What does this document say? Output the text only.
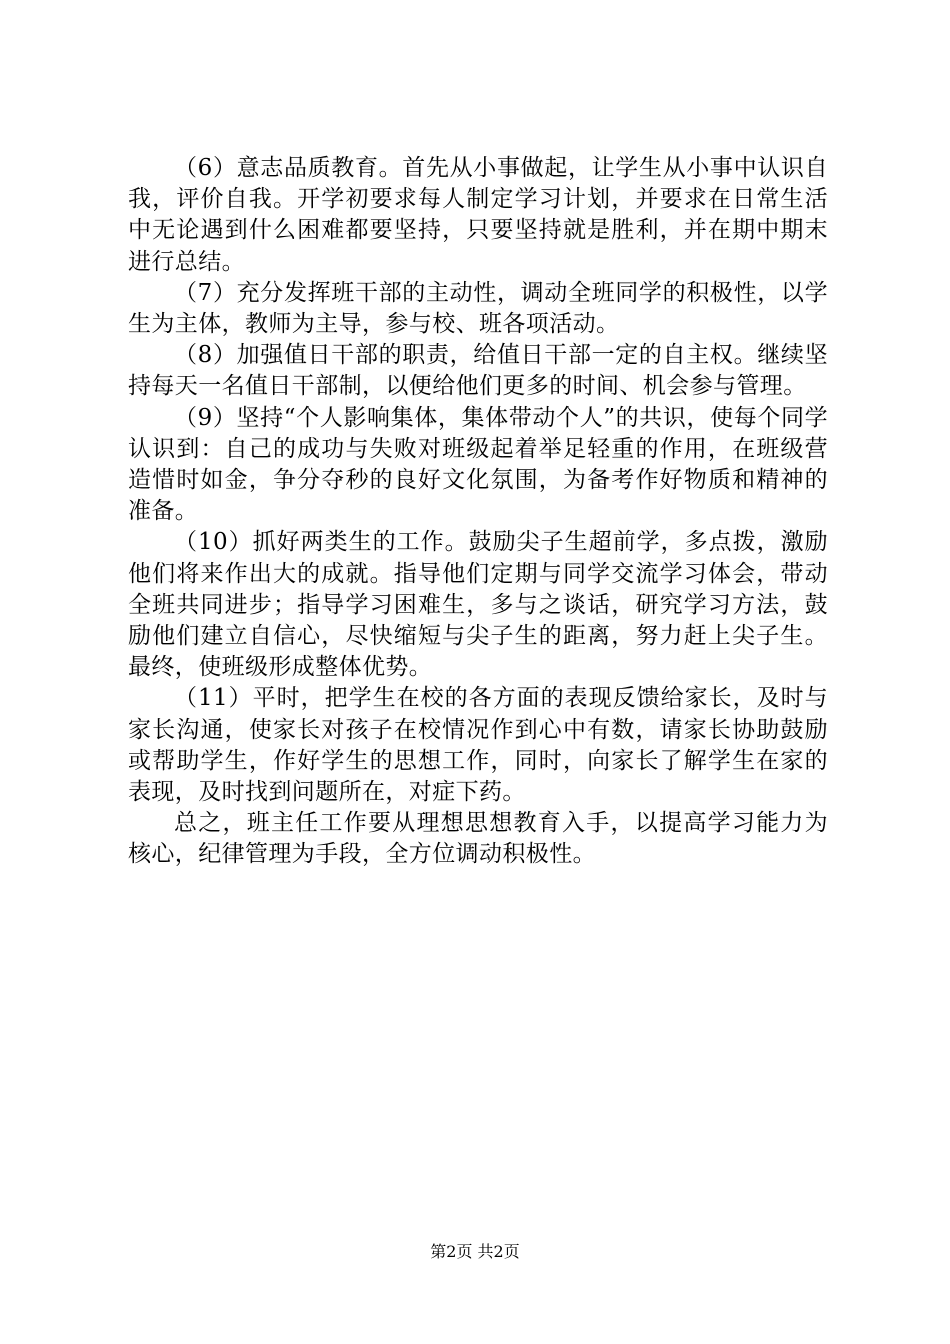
（6）意志品质教育。首先从小事做起，让学生从小事中认识自我，评价自我。开学初要求每人制定学习计划，并要求在日常生活中无论遇到什么困难都要坚持，只要坚持就是胜利，并在期中期末进行总结。

（7）充分发挥班干部的主动性，调动全班同学的积极性，以学生为主体，教师为主导，参与校、班各项活动。

（8）加强值日干部的职责，给值日干部一定的自主权。继续坚持每天一名值日干部制，以便给他们更多的时间、机会参与管理。

（9）坚持“个人影响集体，集体带动个人”的共识，使每个同学认识到：自己的成功与失败对班级起着举足轻重的作用，在班级营造惜时如金，争分夺秒的良好文化氛围，为备考作好物质和精神的准备。

（10）抓好两类生的工作。鼓励尖子生超前学，多点拨，激励他们将来作出大的成就。指导他们定期与同学交流学习体会，带动全班共同进步；指导学习困难生，多与之谈话，研究学习方法，鼓励他们建立自信心，尽快缩短与尖子生的距离，努力赶上尖子生。最终，使班级形成整体优势。

（11）平时，把学生在校的各方面的表现反馈给家长，及时与家长沟通，使家长对孩子在校情况作到心中有数，请家长协助鼓励或帮助学生，作好学生的思想工作，同时，向家长了解学生在家的表现，及时找到问题所在，对症下药。

总之，班主任工作要从理想思想教育入手，以提高学习能力为核心，纪律管理为手段，全方位调动积极性。

第2页 共2页
